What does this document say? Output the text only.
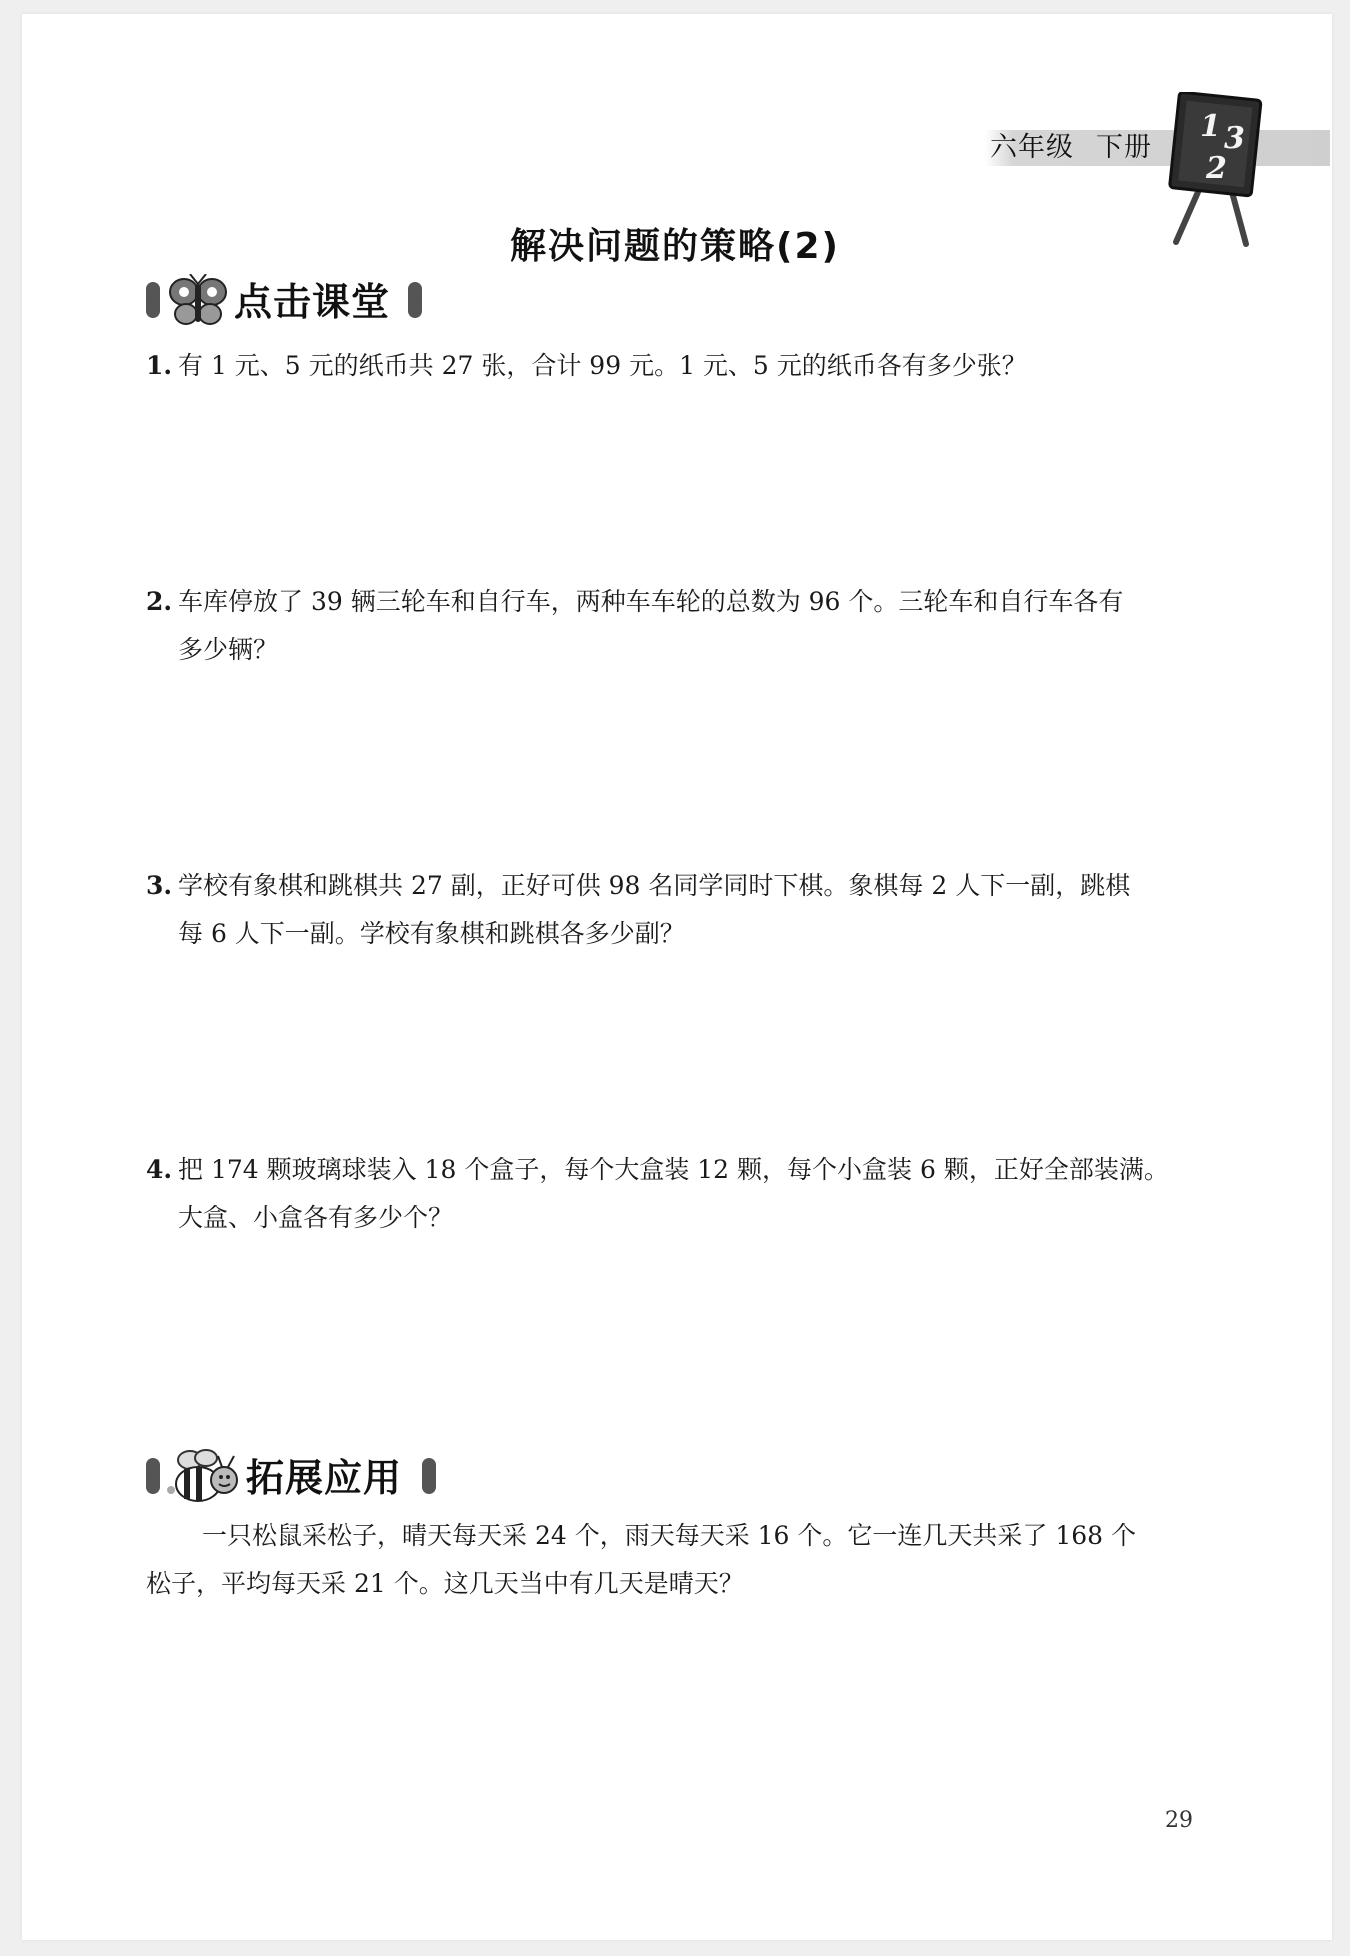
六年级 下册
1 3
2
解决问题的策略(2)
点击课堂
1. 有 1 元、5 元的纸币共 27 张，合计 99 元。1 元、5 元的纸币各有多少张？
2. 车库停放了 39 辆三轮车和自行车，两种车车轮的总数为 96 个。三轮车和自行车各有
多少辆？
3. 学校有象棋和跳棋共 27 副，正好可供 98 名同学同时下棋。象棋每 2 人下一副，跳棋
每 6 人下一副。学校有象棋和跳棋各多少副？
4. 把 174 颗玻璃球装入 18 个盒子，每个大盒装 12 颗，每个小盒装 6 颗，正好全部装满。
大盒、小盒各有多少个？
拓展应用
一只松鼠采松子，晴天每天采 24 个，雨天每天采 16 个。它一连几天共采了 168 个
松子，平均每天采 21 个。这几天当中有几天是晴天？
29
